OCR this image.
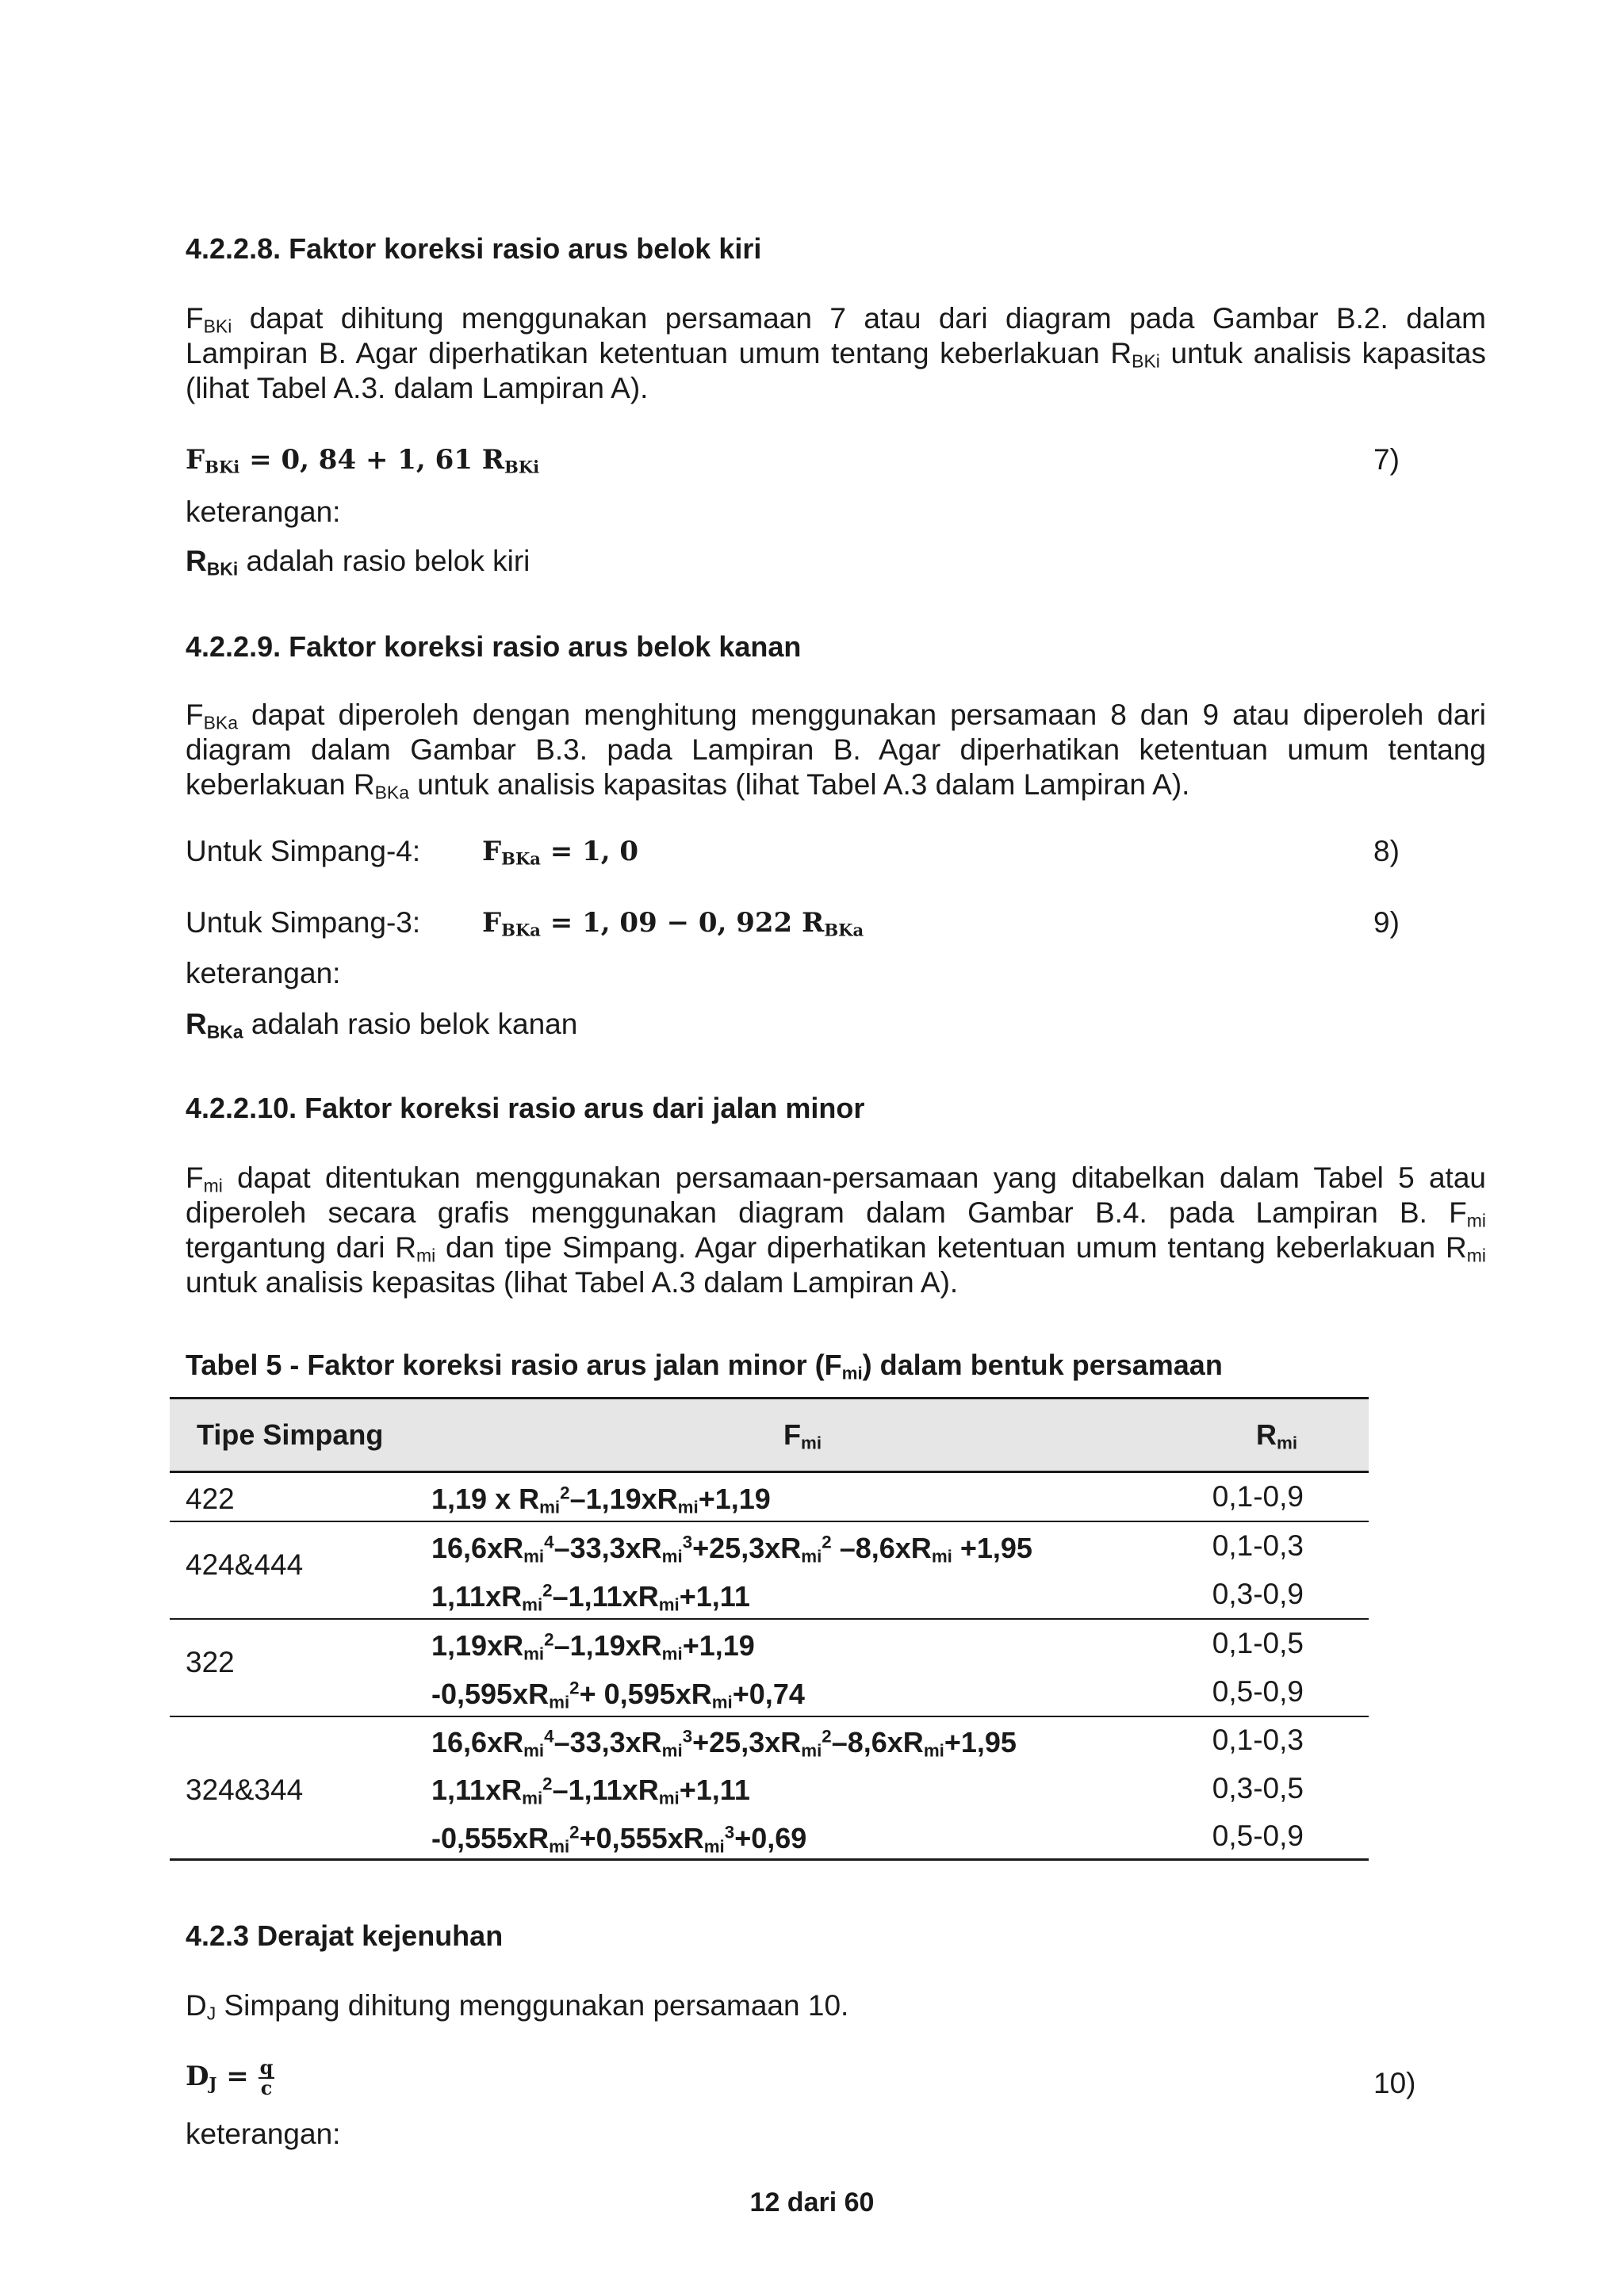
4.2.2.8. Faktor koreksi rasio arus belok kiri
$F_{BKi}$ dapat dihitung menggunakan persamaan 7 atau dari diagram pada Gambar B.2. dalam Lampiran B. Agar diperhatikan ketentuan umum tentang keberlakuan $R_{BKi}$ untuk analisis kapasitas (lihat Tabel A.3. dalam Lampiran A).
$F_{BKi} = 0$, 84 + 1, 61 $R_{BKi}$	7)
keterangan:
$R_{BKi}$ adalah rasio belok kiri
4.2.2.9. Faktor koreksi rasio arus belok kanan
$F_{BKa}$ dapat diperoleh dengan menghitung menggunakan persamaan 8 dan 9 atau diperoleh dari diagram dalam Gambar B.3. pada Lampiran B. Agar diperhatikan ketentuan umum tentang keberlakuan $R_{BKa}$ untuk analisis kapasitas (lihat Tabel A.3 dalam Lampiran A).
Untuk Simpang-4: $F_{BKa} = 1$, 0	8)
Untuk Simpang-3: $F_{BKa} = 1$, 09 − 0, 922 $R_{BKa}$	9)
keterangan:
$R_{BKa}$ adalah rasio belok kanan
4.2.2.10. Faktor koreksi rasio arus dari jalan minor
$F_{mi}$ dapat ditentukan menggunakan persamaan-persamaan yang ditabelkan dalam Tabel 5 atau diperoleh secara grafis menggunakan diagram dalam Gambar B.4. pada Lampiran B. $F_{mi}$ tergantung dari $R_{mi}$ dan tipe Simpang. Agar diperhatikan ketentuan umum tentang keberlakuan $R_{mi}$ untuk analisis kepasitas (lihat Tabel A.3 dalam Lampiran A).
Tabel 5 - Faktor koreksi rasio arus jalan minor $(F_{mi})$ dalam bentuk persamaan
Tipe Simpang	$F_{mi}$	$R_{mi}$
422	1,19 x $R_{mi}^2-1,19xR_{mi}+1,19$	0,1-0,9
424&444
$16,6xR_{mi}^4-33,3xR_{mi}^3+25,3xR_{mi}^2$ $-8,6xR_{mi} +1,95$	0,1-0,3
$1,11xR_{mi}^2-1,11xR_{mi}+1,11$	0,3-0,9
322
$1,19xR_{mi}^2-1,19xR_{mi}+1,19$	0,1-0,5
$-0,595xR_{mi}^2+ 0,595xR_{mi}+0,74$	0,5-0,9
324&344
$16,6xR_{mi}^4-33,3xR_{mi}^3+25,3xR_{mi}^2-8,6xR_{mi}+1,95$	0,1-0,3
$1,11xR_{mi}^2-1,11xR_{mi}+1,11$	0,3-0,5
$-0,555xR_{mi}^2+0,555xR_{mi}^3+0,69$	0,5-0,9
4.2.3 Derajat kejenuhan
$D_J$ Simpang dihitung menggunakan persamaan 10.
$D_J = \frac{q}{c}$	10)
keterangan:
12 dari 60
